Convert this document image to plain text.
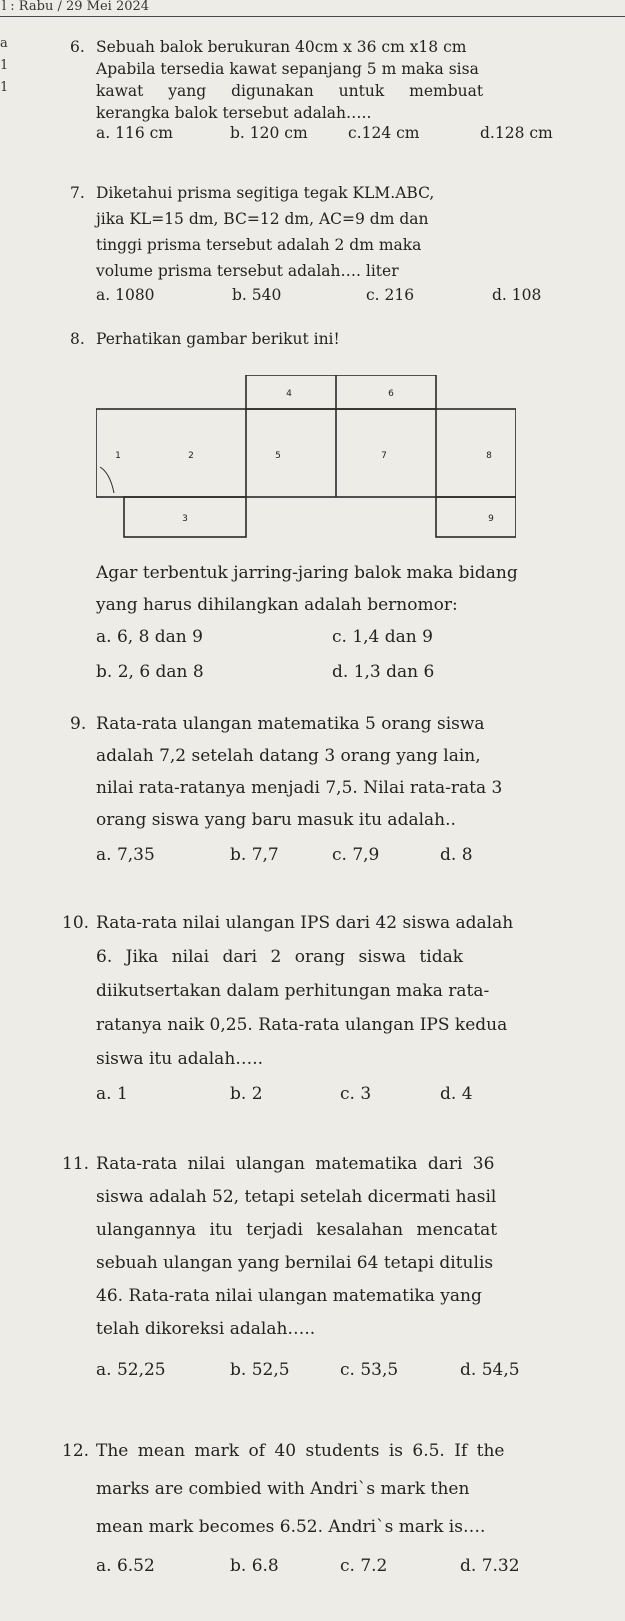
l : Rabu / 29 Mei 2024
a
1
1
6. Sebuah balok berukuran 40cm x 36 cm x18 cm
Apabila tersedia kawat sepanjang 5 m maka sisa
kawat yang digunakan untuk membuat
kerangka balok tersebut adalah…..
a. 116 cm	b. 120 cm	c.124 cm	d.128 cm
7. Diketahui prisma segitiga tegak KLM.ABC,
jika KL=15 dm, BC=12 dm, AC=9 dm dan
tinggi prisma tersebut adalah 2 dm maka
volume prisma tersebut adalah…. liter
a. 1080	b. 540	c. 216	d. 108
8. Perhatikan gambar berikut ini!
1	2
3
4
5
6
7	8
9
Agar terbentuk jarring-jaring balok maka bidang
yang harus dihilangkan adalah bernomor:
a. 6, 8 dan 9	c. 1,4 dan 9
b. 2, 6 dan 8	d. 1,3 dan 6
9. Rata-rata ulangan matematika 5 orang siswa
adalah 7,2 setelah datang 3 orang yang lain,
nilai rata-ratanya menjadi 7,5. Nilai rata-rata 3
orang siswa yang baru masuk itu adalah..
a. 7,35	b. 7,7	c. 7,9	d. 8
10. Rata-rata nilai ulangan IPS dari 42 siswa adalah
6. Jika nilai dari 2 orang siswa tidak
diikutsertakan dalam perhitungan maka rata-
ratanya naik 0,25. Rata-rata ulangan IPS kedua
siswa itu adalah…..
a. 1	b. 2	c. 3	d. 4
11. Rata-rata nilai ulangan matematika dari 36
siswa adalah 52, tetapi setelah dicermati hasil
ulangannya itu terjadi kesalahan mencatat
sebuah ulangan yang bernilai 64 tetapi ditulis
46. Rata-rata nilai ulangan matematika yang
telah dikoreksi adalah…..
a. 52,25	b. 52,5	c. 53,5	d. 54,5
12. The mean mark of 40 students is 6.5. If the
marks are combied with Andri`s mark then
mean mark becomes 6.52. Andri`s mark is….
a. 6.52	b. 6.8	c. 7.2	d. 7.32
